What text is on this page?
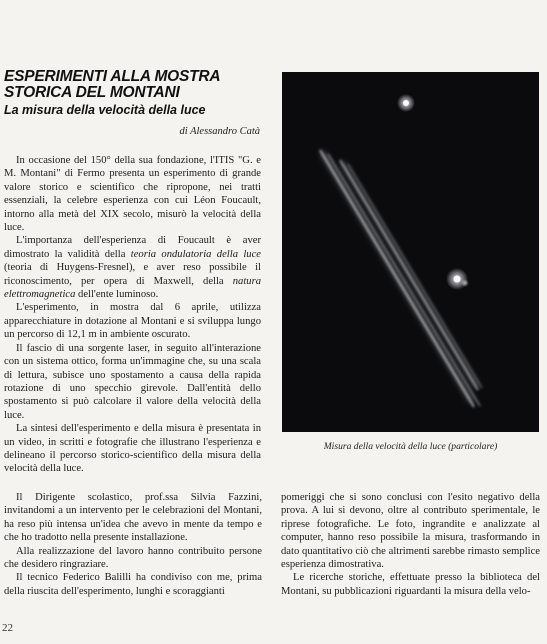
ESPERIMENTI ALLA MOSTRA STORICA DEL MONTANI
La misura della velocità della luce
di Alessandro Catà

In occasione del 150° della sua fondazione, l'ITIS "G. e M. Montani" di Fermo presenta un esperimento di grande valore storico e scientifico che ripropone, nei tratti essenziali, la celebre esperienza con cui Léon Foucault, intorno alla metà del XIX secolo, misurò la velocità della luce.

L'importanza dell'esperienza di Foucault è aver dimostrato la validità della teoria ondulatoria della luce (teoria di Huygens-Fresnel), e aver reso possibile il riconoscimento, per opera di Maxwell, della natura elettromagnetica dell'ente luminoso.

L'esperimento, in mostra dal 6 aprile, utilizza apparecchiature in dotazione al Montani e si sviluppa lungo un percorso di 12,1 m in ambiente oscurato.

Il fascio di una sorgente laser, in seguito all'interazione con un sistema ottico, forma un'immagine che, su una scala di lettura, subisce uno spostamento a causa della rapida rotazione di uno specchio girevole. Dall'entità dello spostamento si può calcolare il valore della velocità della luce.

La sintesi dell'esperimento e della misura è presentata in un video, in scritti e fotografie che illustrano l'esperienza e delineano il percorso storico-scientifico della misura della velocità della luce.

Misura della velocità della luce (particolare)

Il Dirigente scolastico, prof.ssa Silvia Fazzini, invitandomi a un intervento per le celebrazioni del Montani, ha reso più intensa un'idea che avevo in mente da tempo e che ho tradotto nella presente installazione.

Alla realizzazione del lavoro hanno contribuito persone che desidero ringraziare.

Il tecnico Federico Balilli ha condiviso con me, prima della riuscita dell'esperimento, lunghi e scoraggianti

pomeriggi che si sono conclusi con l'esito negativo della prova. A lui si devono, oltre al contributo sperimentale, le riprese fotografiche. Le foto, ingrandite e analizzate al computer, hanno reso possibile la misura, trasformando in dato quantitativo ciò che altrimenti sarebbe rimasto semplice esperienza dimostrativa.

Le ricerche storiche, effettuate presso la biblioteca del Montani, su pubblicazioni riguardanti la misura della velo-

22
